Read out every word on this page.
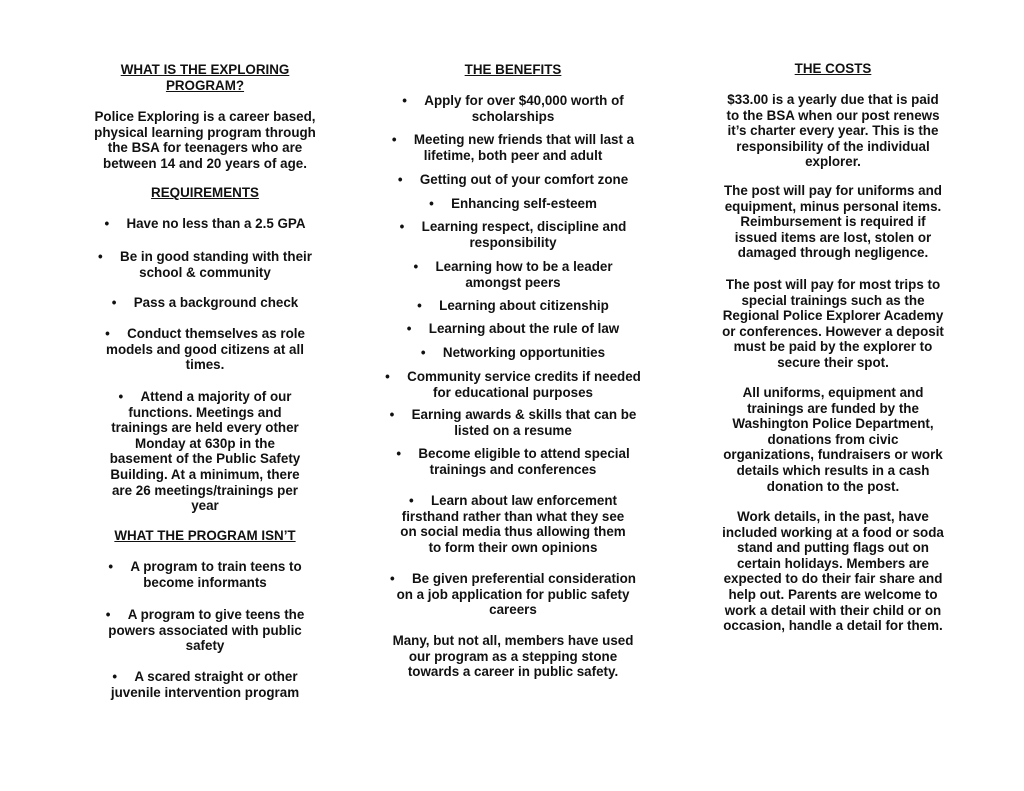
WHAT IS THE EXPLORING
PROGRAM?
Police Exploring is a career based,
physical learning program through
the BSA for teenagers who are
between 14 and 20 years of age.
REQUIREMENTS
• Have no less than a 2.5 GPA
• Be in good standing with their
school & community
• Pass a background check
• Conduct themselves as role
models and good citizens at all
times.
• Attend a majority of our
functions. Meetings and
trainings are held every other
Monday at 630p in the
basement of the Public Safety
Building. At a minimum, there
are 26 meetings/trainings per
year
WHAT THE PROGRAM ISN’T
• A program to train teens to
become informants
• A program to give teens the
powers associated with public
safety
• A scared straight or other
juvenile intervention program
THE BENEFITS
• Apply for over $40,000 worth of
scholarships
• Meeting new friends that will last a
lifetime, both peer and adult
• Getting out of your comfort zone
• Enhancing self-esteem
• Learning respect, discipline and
responsibility
• Learning how to be a leader
amongst peers
• Learning about citizenship
• Learning about the rule of law
• Networking opportunities
• Community service credits if needed
for educational purposes
• Earning awards & skills that can be
listed on a resume
• Become eligible to attend special
trainings and conferences
• Learn about law enforcement
firsthand rather than what they see
on social media thus allowing them
to form their own opinions
• Be given preferential consideration
on a job application for public safety
careers
Many, but not all, members have used
our program as a stepping stone
towards a career in public safety.
THE COSTS
$33.00 is a yearly due that is paid
to the BSA when our post renews
it’s charter every year. This is the
responsibility of the individual
explorer.
The post will pay for uniforms and
equipment, minus personal items.
Reimbursement is required if
issued items are lost, stolen or
damaged through negligence.
The post will pay for most trips to
special trainings such as the
Regional Police Explorer Academy
or conferences. However a deposit
must be paid by the explorer to
secure their spot.
All uniforms, equipment and
trainings are funded by the
Washington Police Department,
donations from civic
organizations, fundraisers or work
details which results in a cash
donation to the post.
Work details, in the past, have
included working at a food or soda
stand and putting flags out on
certain holidays. Members are
expected to do their fair share and
help out. Parents are welcome to
work a detail with their child or on
occasion, handle a detail for them.
